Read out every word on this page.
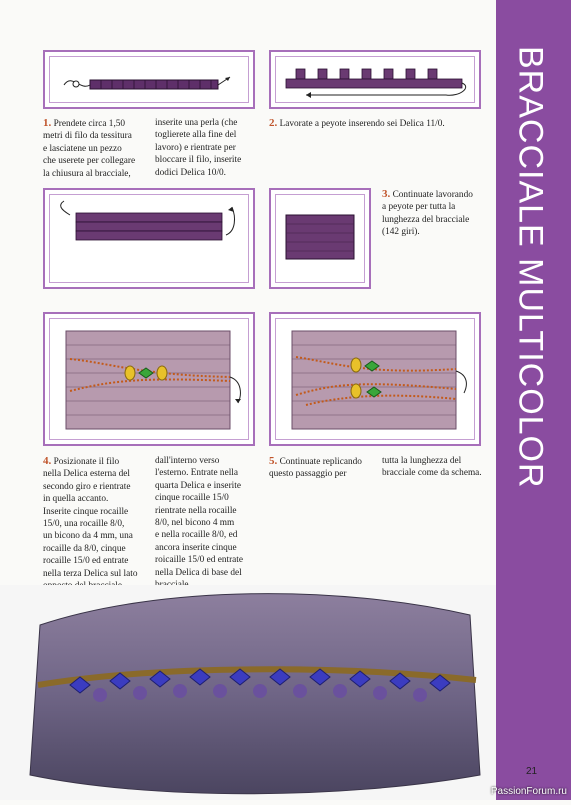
BRACCIALE MULTICOLOR
1. Prendete circa 1,50
metri di filo da tessitura
e lasciatene un pezzo
che userete per collegare
la chiusura al bracciale,
inserite una perla (che
toglierete alla fine del
lavoro) e rientrate per
bloccare il filo, inserite
dodici Delica 10/0.
2. Lavorate a peyote inserendo sei Delica 11/0.
3. Continuate lavorando
a peyote per tutta la
lunghezza del bracciale
(142 giri).
4. Posizionate il filo
nella Delica esterna del
secondo giro e rientrate
in quella accanto.
Inserite cinque rocaille
15/0, una rocaille 8/0,
un bicono da 4 mm, una
rocaille da 8/0, cinque
rocaille 15/0 ed entrate
nella terza Delica sul lato

dall'interno verso
l'esterno. Entrate nella
quarta Delica e inserite
cinque rocaille 15/0
rientrate nella rocaille
8/0, nel bicono 4 mm
e nella rocaille 8/0, ed
ancora inserite cinque
roicaille 15/0 ed entrate
nella Delica di base del

5. Continuate replicando
questo passaggio per
tutta la lunghezza del
bracciale come da schema.
21
PassionForum.ru
